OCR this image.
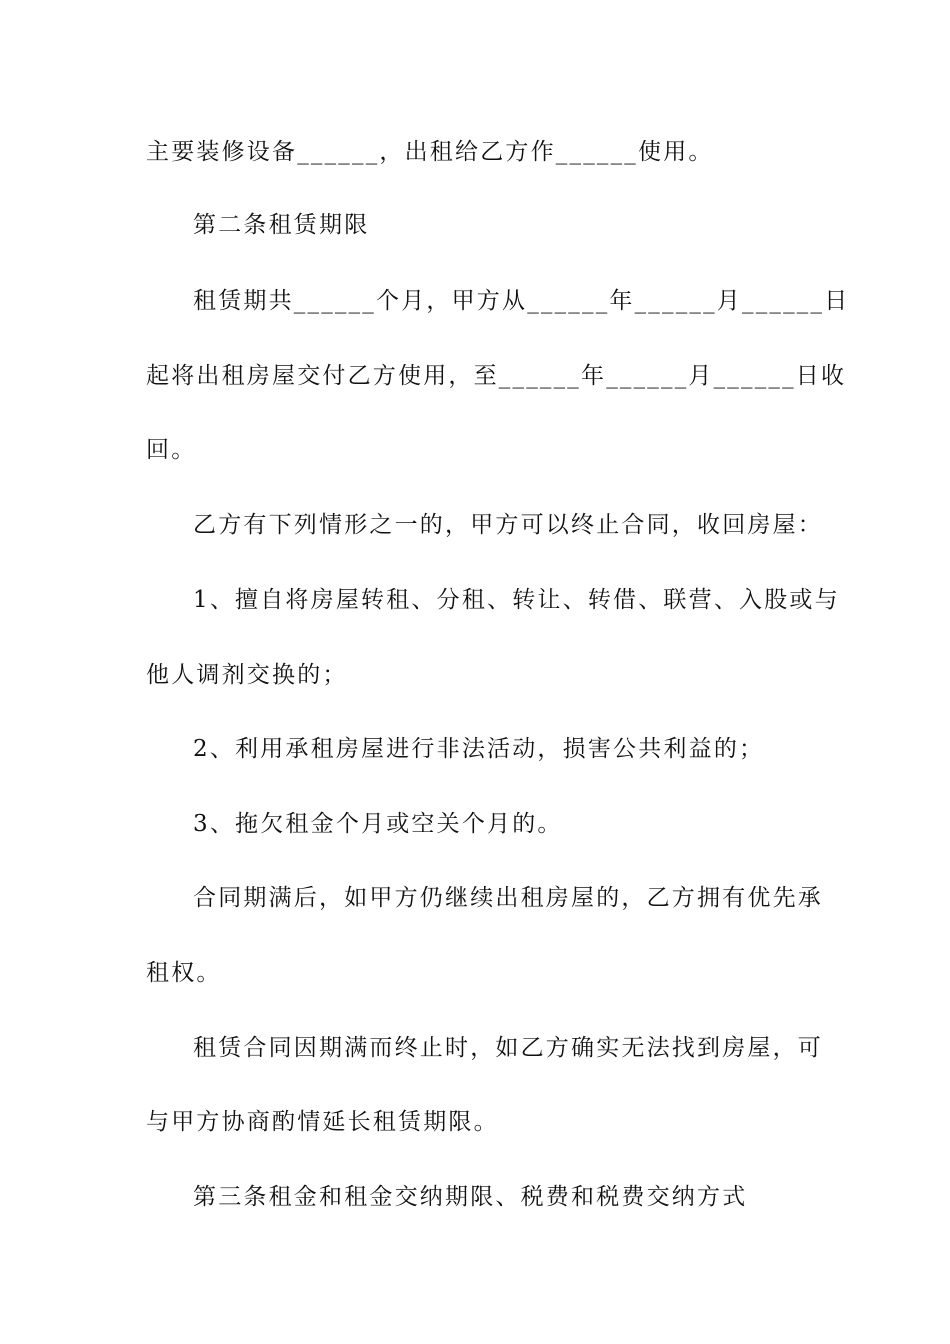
主要装修设备______，出租给乙方作______使用。
第二条租赁期限
租赁期共______个月，甲方从______年______月______日
起将出租房屋交付乙方使用，至______年______月______日收
回。
乙方有下列情形之一的，甲方可以终止合同，收回房屋：
1、擅自将房屋转租、分租、转让、转借、联营、入股或与
他人调剂交换的；
2、利用承租房屋进行非法活动，损害公共利益的；
3、拖欠租金个月或空关个月的。
合同期满后，如甲方仍继续出租房屋的，乙方拥有优先承
租权。
租赁合同因期满而终止时，如乙方确实无法找到房屋，可
与甲方协商酌情延长租赁期限。
第三条租金和租金交纳期限、税费和税费交纳方式
